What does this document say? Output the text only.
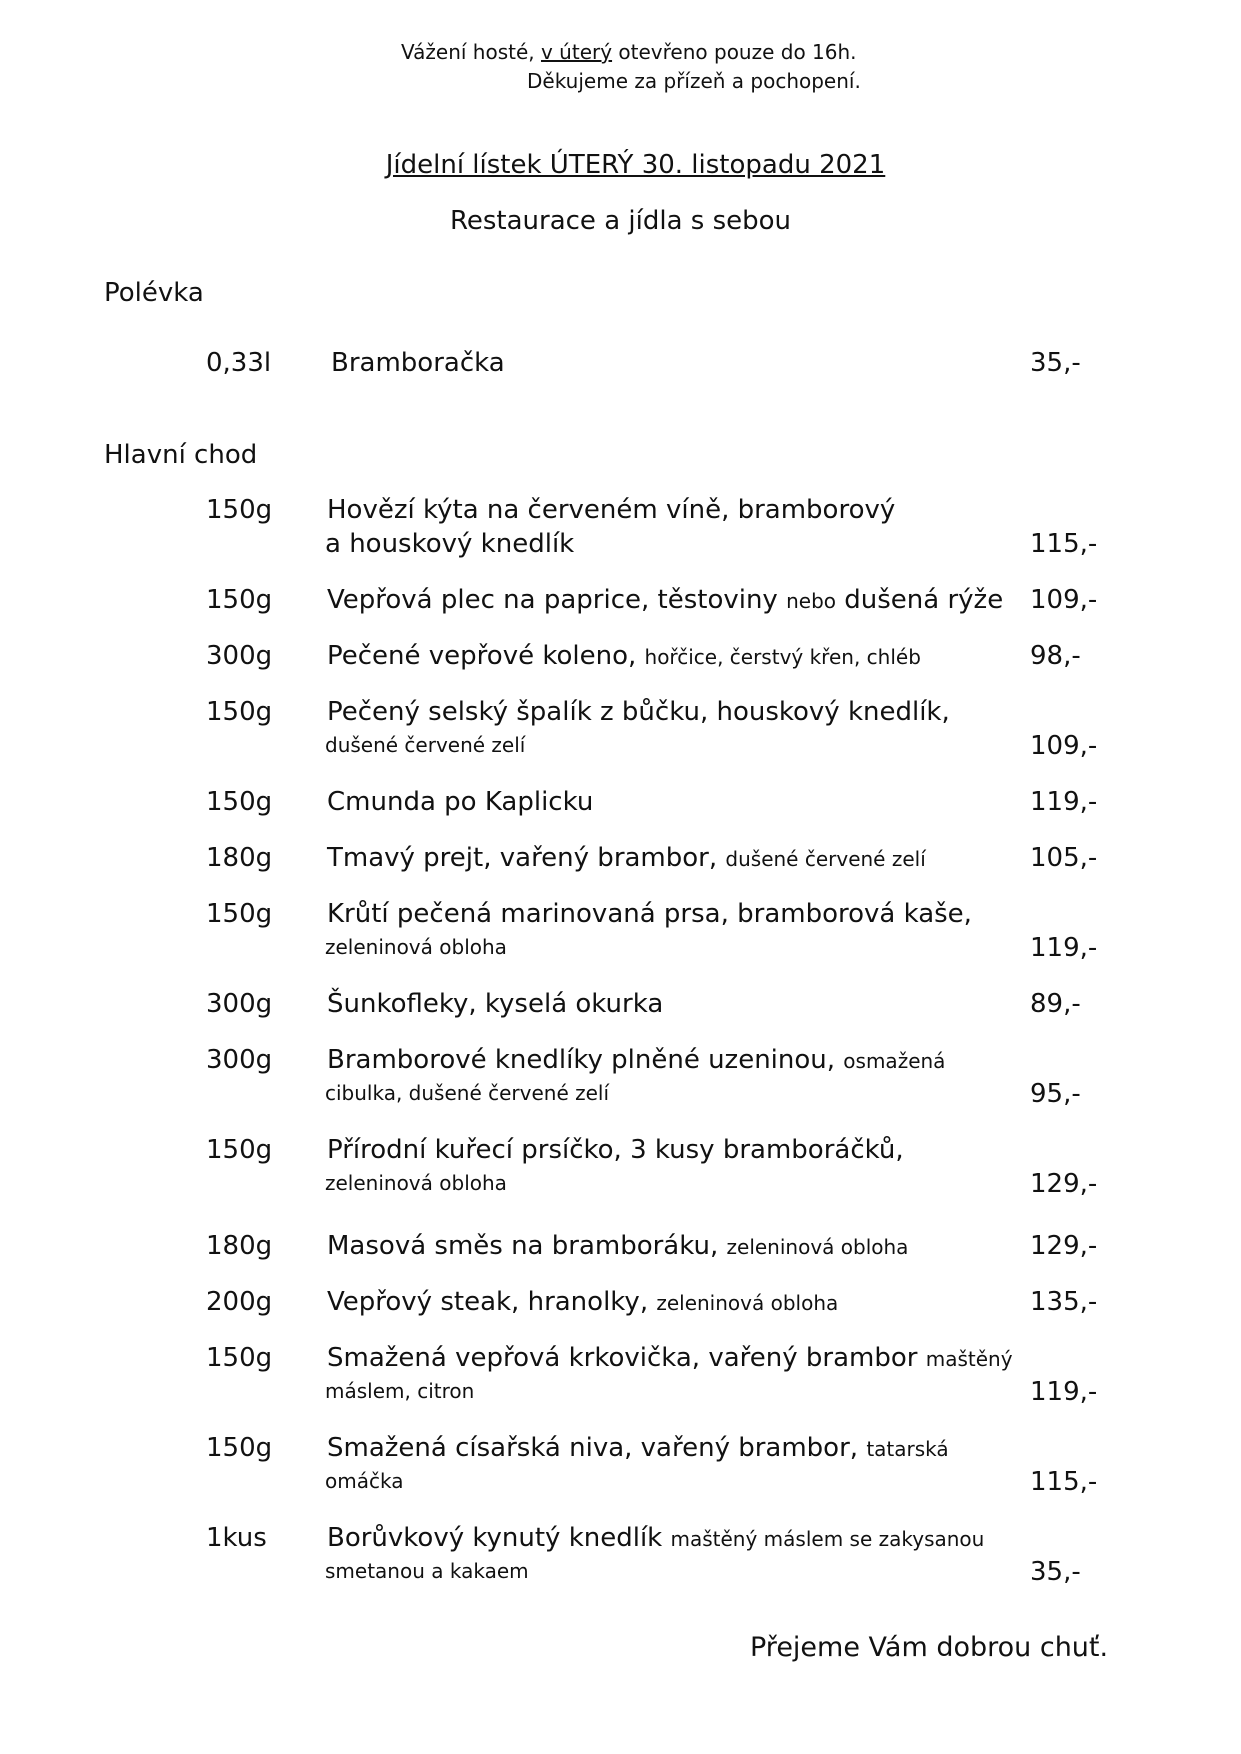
Vážení hosté, v úterý otevřeno pouze do 16h.
Děkujeme za přízeň a pochopení.
Jídelní lístek ÚTERÝ 30. listopadu 2021
Restaurace a jídla s sebou
Polévka
0,33l Bramboračka	35,-
Hlavní chod
150g Hovězí kýta na červeném víně, bramborový
a houskový knedlík	115,-
150g Vepřová plec na paprice, těstoviny nebo dušená rýže 109,-
300g Pečené vepřové koleno, hořčice, čerstvý křen, chléb	98,-
150g Pečený selský špalík z bůčku, houskový knedlík,
dušené červené zelí	109,-
150g Cmunda po Kaplicku	119,-
180g Tmavý prejt, vařený brambor, dušené červené zelí	105,-
150g Krůtí pečená marinovaná prsa, bramborová kaše,
zeleninová obloha	119,-
300g Šunkofleky, kyselá okurka	89,-
300g Bramborové knedlíky plněné uzeninou, osmažená
cibulka, dušené červené zelí	95,-
150g Přírodní kuřecí prsíčko, 3 kusy bramboráčků,
zeleninová obloha	129,-
180g Masová směs na bramboráku, zeleninová obloha	129,-
200g Vepřový steak, hranolky, zeleninová obloha	135,-
150g Smažená vepřová krkovička, vařený brambor maštěný
máslem, citron	119,-
150g Smažená císařská niva, vařený brambor, tatarská
omáčka	115,-
1kus Borůvkový kynutý knedlík maštěný máslem se zakysanou
smetanou a kakaem	35,-
Přejeme Vám dobrou chuť.
